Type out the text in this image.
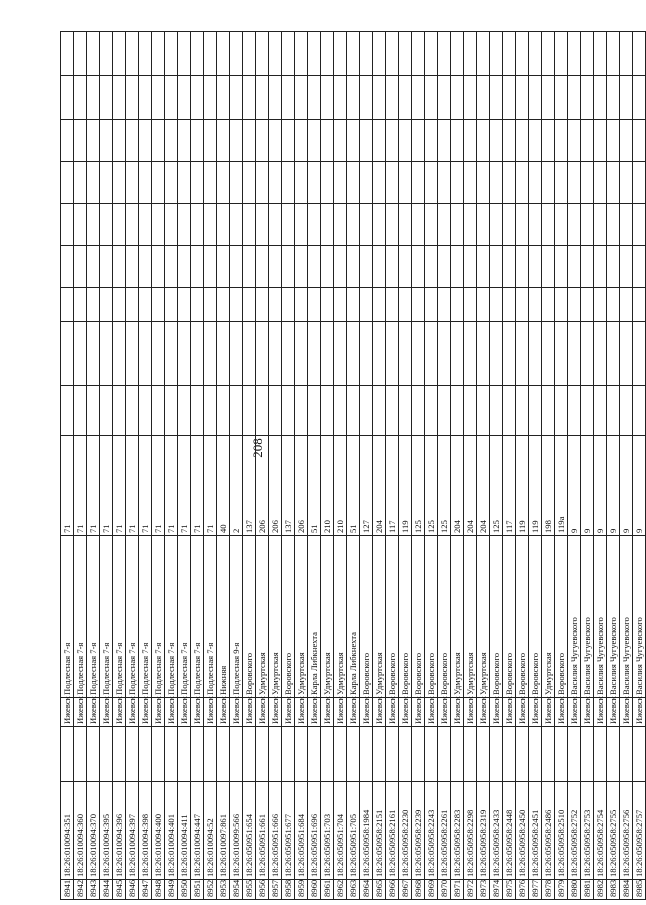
208
8941	18:26:010094:351		Ижевск	Подлесная 7-я	71									
8942	18:26:010094:360		Ижевск	Подлесная 7-я	71									
8943	18:26:010094:370		Ижевск	Подлесная 7-я	71									
8944	18:26:010094:395		Ижевск	Подлесная 7-я	71									
8945	18:26:010094:396		Ижевск	Подлесная 7-я	71									
8946	18:26:010094:397		Ижевск	Подлесная 7-я	71									
8947	18:26:010094:398		Ижевск	Подлесная 7-я	71									
8948	18:26:010094:400		Ижевск	Подлесная 7-я	71									
8949	18:26:010094:401		Ижевск	Подлесная 7-я	71									
8950	18:26:010094:411		Ижевск	Подлесная 7-я	71									
8951	18:26:010094:447		Ижевск	Подлесная 7-я	71									
8952	18:26:010094:52		Ижевск	Подлесная 7-я	71									
8953	18:26:010097:861		Ижевск	Нижняя	40									
8954	18:26:010099:566		Ижевск	Подлесная 9-я	2									
8955	18:26:050951:654		Ижевск	Воровского	137									
8956	18:26:050951:661		Ижевск	Удмуртская	206									
8957	18:26:050951:666		Ижевск	Удмуртская	206									
8958	18:26:050951:677		Ижевск	Воровского	137									
8959	18:26:050951:684		Ижевск	Удмуртская	206									
8960	18:26:050951:696		Ижевск	Карла Либкнехта	51									
8961	18:26:050951:703		Ижевск	Удмуртская	210									
8962	18:26:050951:704		Ижевск	Удмуртская	210									
8963	18:26:050951:705		Ижевск	Карла Либкнехта	51									
8964	18:26:050958:1984		Ижевск	Воровского	127									
8965	18:26:050958:2151		Ижевск	Удмуртская	204									
8966	18:26:050958:2161		Ижевск	Воровского	117									
8967	18:26:050958:2230		Ижевск	Воровского	119									
8968	18:26:050958:2239		Ижевск	Воровского	125									
8969	18:26:050958:2243		Ижевск	Воровского	125									
8970	18:26:050958:2261		Ижевск	Воровского	125									
8971	18:26:050958:2283		Ижевск	Удмуртская	204									
8972	18:26:050958:2298		Ижевск	Удмуртская	204									
8973	18:26:050958:2319		Ижевск	Удмуртская	204									
8974	18:26:050958:2433		Ижевск	Воровского	125									
8975	18:26:050958:2448		Ижевск	Воровского	117									
8976	18:26:050958:2450		Ижевск	Воровского	119									
8977	18:26:050958:2451		Ижевск	Воровского	119									
8978	18:26:050958:2486		Ижевск	Удмуртская	198									
8979	18:26:050958:2510		Ижевск	Воровского	119а									
8980	18:26:050958:2752		Ижевск	Василия Чугуевского	9									
8981	18:26:050958:2753		Ижевск	Василия Чугуевского	9									
8982	18:26:050958:2754		Ижевск	Василия Чугуевского	9									
8983	18:26:050958:2755		Ижевск	Василия Чугуевского	9									
8984	18:26:050958:2756		Ижевск	Василия Чугуевского	9									
8985	18:26:050958:2757		Ижевск	Василия Чугуевского	9									
